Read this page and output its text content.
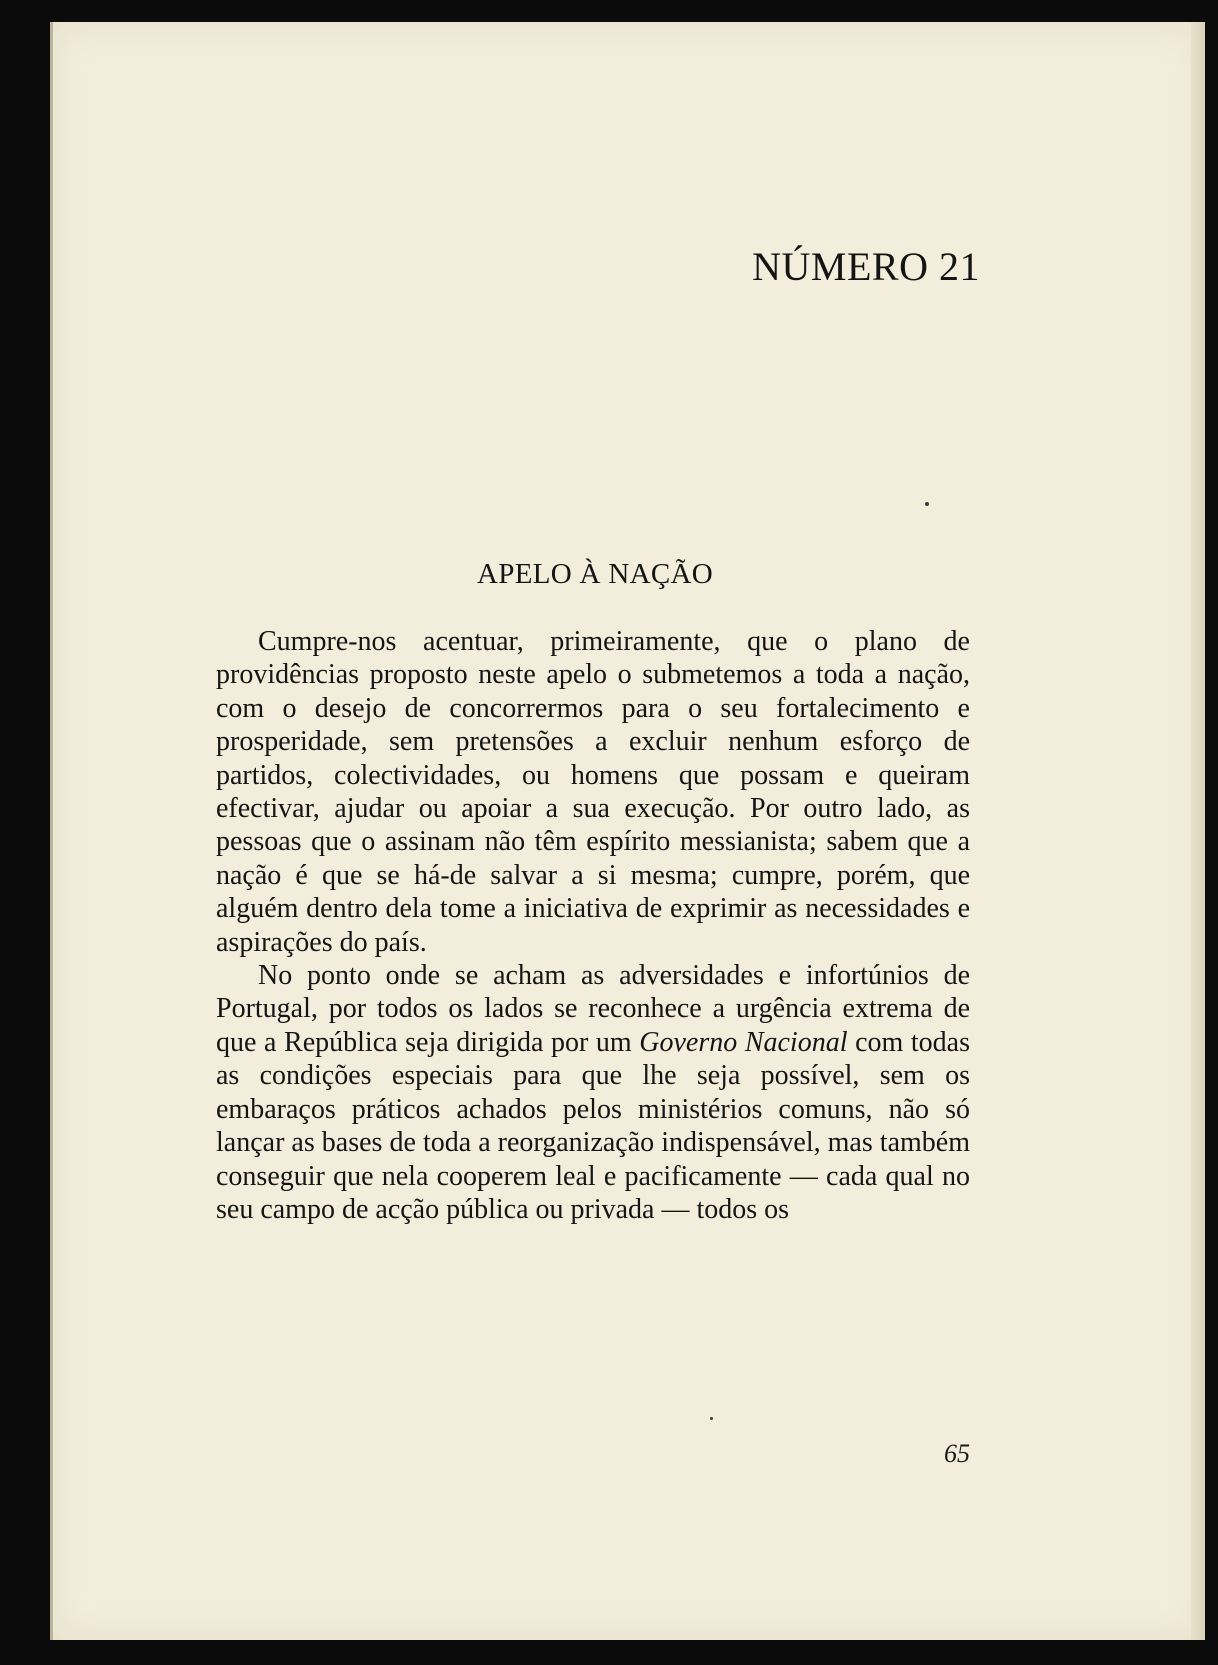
NÚMERO 21
APELO À NAÇÃO

Cumpre-nos acentuar, primeiramente, que o plano de providências proposto neste apelo o submetemos a toda a nação, com o desejo de concorrermos para o seu fortalecimento e prosperidade, sem pretensões a excluir nenhum esforço de partidos, colectividades, ou homens que possam e queiram efectivar, ajudar ou apoiar a sua execução. Por outro lado, as pessoas que o assinam não têm espírito messianista; sabem que a nação é que se há-de salvar a si mesma; cumpre, porém, que alguém dentro dela tome a iniciativa de exprimir as necessidades e aspirações do país.

No ponto onde se acham as adversidades e infortúnios de Portugal, por todos os lados se reconhece a urgência extrema de que a República seja dirigida por um Governo Nacional com todas as condições especiais para que lhe seja possível, sem os embaraços práticos achados pelos ministérios comuns, não só lançar as bases de toda a reorganização indispensável, mas também conseguir que nela cooperem leal e pacificamente — cada qual no seu campo de acção pública ou privada — todos os

65
